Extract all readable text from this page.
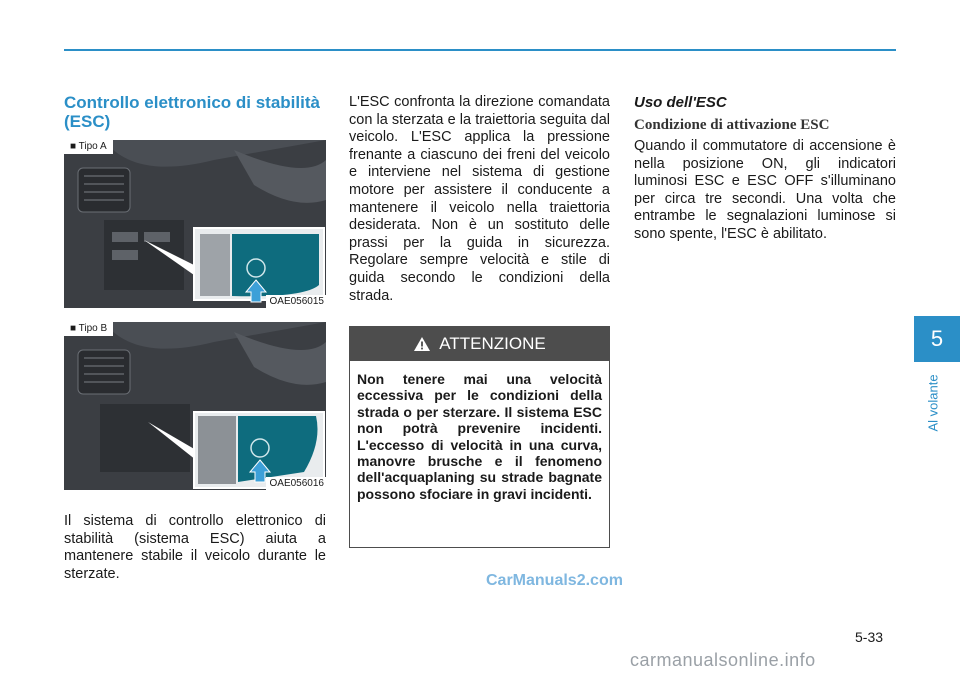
Controllo elettronico di stabilità (ESC)
■ Tipo A
OAE056015
■ Tipo B
OAE056016

Il sistema di controllo elettronico di stabilità (sistema ESC) aiuta a mantenere stabile il veicolo durante le sterzate.

L'ESC confronta la direzione comandata con la sterzata e la traiettoria seguita dal veicolo. L'ESC applica la pressione frenante a ciascuno dei freni del veicolo e interviene nel sistema di gestione motore per assistere il conducente a mantenere il veicolo nella traiettoria desiderata. Non è un sostituto delle prassi per la guida in sicurezza. Regolare sempre velocità e stile di guida secondo le condizioni della strada.

ATTENZIONE

Non tenere mai una velocità eccessiva per le condizioni della strada o per sterzare. Il sistema ESC non potrà prevenire incidenti. L'eccesso di velocità in una curva, manovre brusche e il fenomeno dell'acquaplaning su strade bagnate possono sfociare in gravi incidenti.

Uso dell'ESC
Condizione di attivazione ESC

Quando il commutatore di accensione è nella posizione ON, gli indicatori luminosi ESC e ESC OFF s'illuminano per circa tre secondi. Una volta che entrambe le segnalazioni luminose si sono spente, l'ESC è abilitato.

5
Al volante
CarManuals2.com
5-33
carmanualsonline.info
